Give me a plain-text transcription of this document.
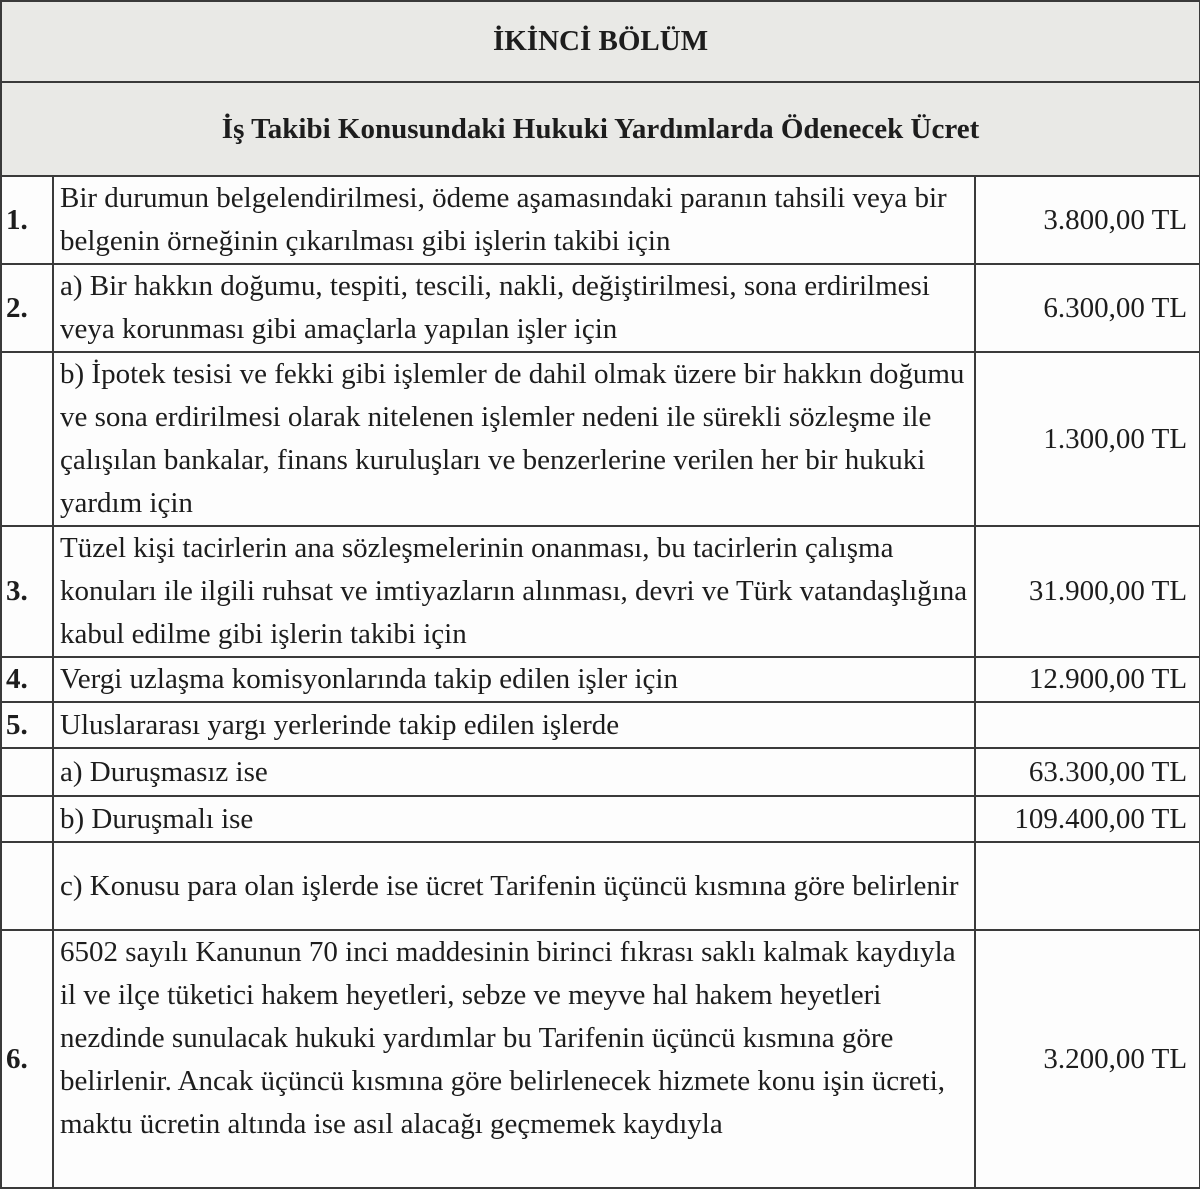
İKİNCİ BÖLÜM		
İş Takibi Konusundaki Hukuki Yardımlarda Ödenecek Ücret		
1.	Bir durumun belgelendirilmesi, ödeme aşamasındaki paranın tahsili veya bir belgenin örneğinin çıkarılması gibi işlerin takibi için	3.800,00 TL
2.	a) Bir hakkın doğumu, tespiti, tescili, nakli, değiştirilmesi, sona erdirilmesi veya korunması gibi amaçlarla yapılan işler için	6.300,00 TL
	b) İpotek tesisi ve fekki gibi işlemler de dahil olmak üzere bir hakkın doğumu ve sona erdirilmesi olarak nitelenen işlemler nedeni ile sürekli sözleşme ile çalışılan bankalar, finans kuruluşları ve benzerlerine verilen her bir hukuki yardım için	1.300,00 TL
3.	Tüzel kişi tacirlerin ana sözleşmelerinin onanması, bu tacirlerin çalışma konuları ile ilgili ruhsat ve imtiyazların alınması, devri ve Türk vatandaşlığına kabul edilme gibi işlerin takibi için	31.900,00 TL
4.	Vergi uzlaşma komisyonlarında takip edilen işler için	12.900,00 TL
5.	Uluslararası yargı yerlerinde takip edilen işlerde	
	a) Duruşmasız ise	63.300,00 TL
	b) Duruşmalı ise	109.400,00 TL
	c) Konusu para olan işlerde ise ücret Tarifenin üçüncü kısmına göre belirlenir	
6.	6502 sayılı Kanunun 70 inci maddesinin birinci fıkrası saklı kalmak kaydıyla il ve ilçe tüketici hakem heyetleri, sebze ve meyve hal hakem heyetleri nezdinde sunulacak hukuki yardımlar bu Tarifenin üçüncü kısmına göre belirlenir. Ancak üçüncü kısmına göre belirlenecek hizmete konu işin ücreti, maktu ücretin altında ise asıl alacağı geçmemek kaydıyla	3.200,00 TL
